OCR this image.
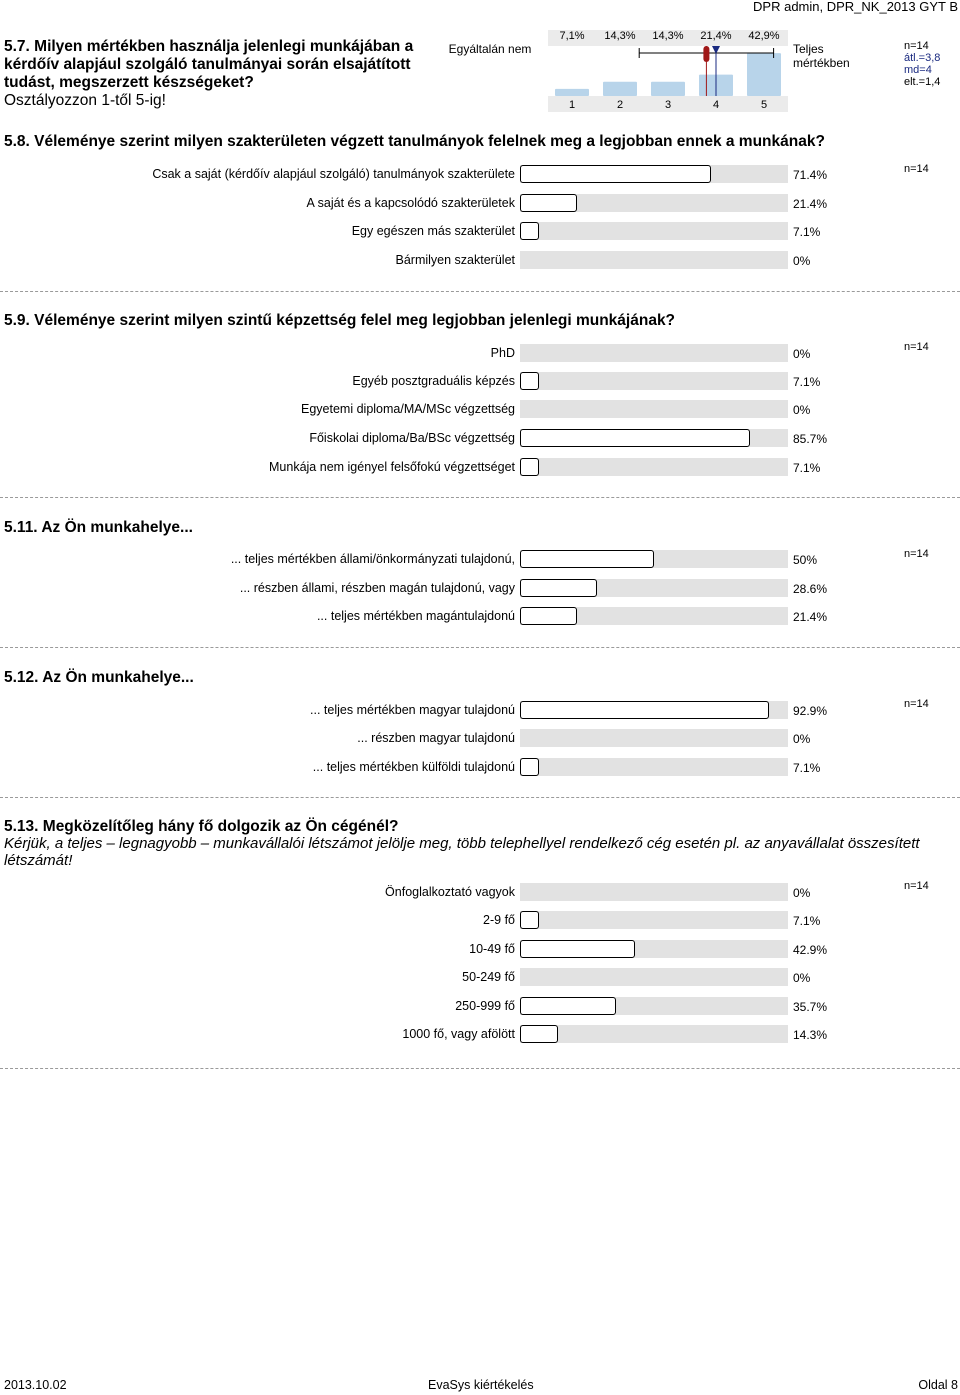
DPR admin, DPR_NK_2013 GYT B
5.7. Milyen mértékben használja jelenlegi munkájában a kérdőív alapjául szolgáló tanulmányai során elsajátított tudást, megszerzett készségeket?
Osztályozzon 1-től 5-ig!
Egyáltalán nem
7,1%
1
14,3%
2
14,3%
3
21,4%
4
42,9%
5
Teljes mértékben
n=14
átl.=3,8
md=4
elt.=1,4
5.8. Véleménye szerint milyen szakterületen végzett tanulmányok felelnek meg a legjobban ennek a munkának?
n=14
Csak a saját (kérdőív alapjául szolgáló) tanulmányok szakterülete	71.4%
A saját és a kapcsolódó szakterületek	21.4%
Egy egészen más szakterület	7.1%
Bármilyen szakterület	0%
5.9. Véleménye szerint milyen szintű képzettség felel meg legjobban jelenlegi munkájának?
n=14
PhD	0%
Egyéb posztgraduális képzés	7.1%
Egyetemi diploma/MA/MSc végzettség	0%
Főiskolai diploma/Ba/BSc végzettség	85.7%
Munkája nem igényel felsőfokú végzettséget	7.1%
5.11. Az Ön munkahelye...
n=14
... teljes mértékben állami/önkormányzati tulajdonú,	50%
... részben állami, részben magán tulajdonú, vagy	28.6%
... teljes mértékben magántulajdonú	21.4%
5.12. Az Ön munkahelye...
n=14
... teljes mértékben magyar tulajdonú	92.9%
... részben magyar tulajdonú	0%
... teljes mértékben külföldi tulajdonú	7.1%
5.13. Megközelítőleg hány fő dolgozik az Ön cégénél?
Kérjük, a teljes – legnagyobb – munkavállalói létszámot jelölje meg, több telephellyel rendelkező cég esetén pl. az anyavállalat összesített létszámát!
n=14
Önfoglalkoztató vagyok	0%
2-9 fő	7.1%
10-49 fő	42.9%
50-249 fő	0%
250-999 fő	35.7%
1000 fő, vagy afölött	14.3%
2013.10.02	EvaSys kiértékelés	Oldal 8
